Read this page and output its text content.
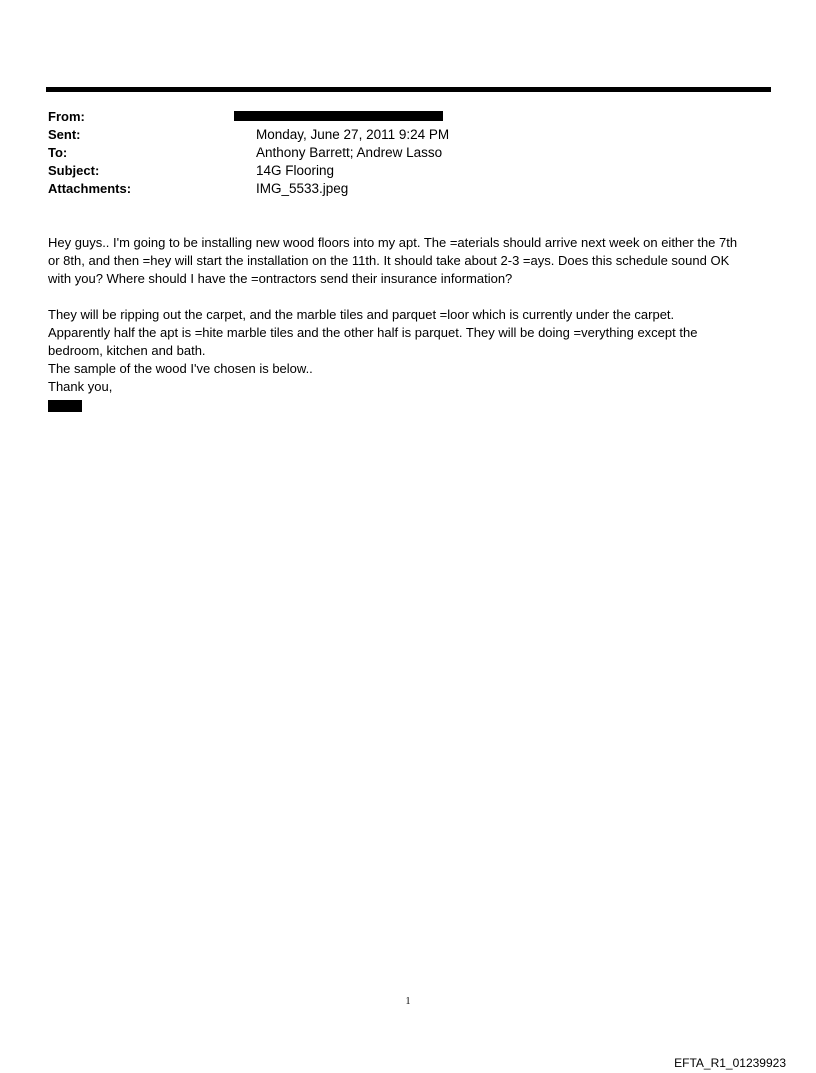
From:
Sent:	Monday, June 27, 2011 9:24 PM
To:	Anthony Barrett; Andrew Lasso
Subject:	14G Flooring
Attachments:	IMG_5533.jpeg
Hey guys.. I'm going to be installing new wood floors into my apt. The =aterials should arrive next week on either the 7th
or 8th, and then =hey will start the installation on the 11th. It should take about 2-3 =ays. Does this schedule sound OK
with you? Where should I have the =ontractors send their insurance information?
They will be ripping out the carpet, and the marble tiles and parquet =loor which is currently under the carpet.
Apparently half the apt is =hite marble tiles and the other half is parquet. They will be doing =verything except the
bedroom, kitchen and bath.
The sample of the wood I've chosen is below..
Thank you,
1
EFTA_R1_01239923
